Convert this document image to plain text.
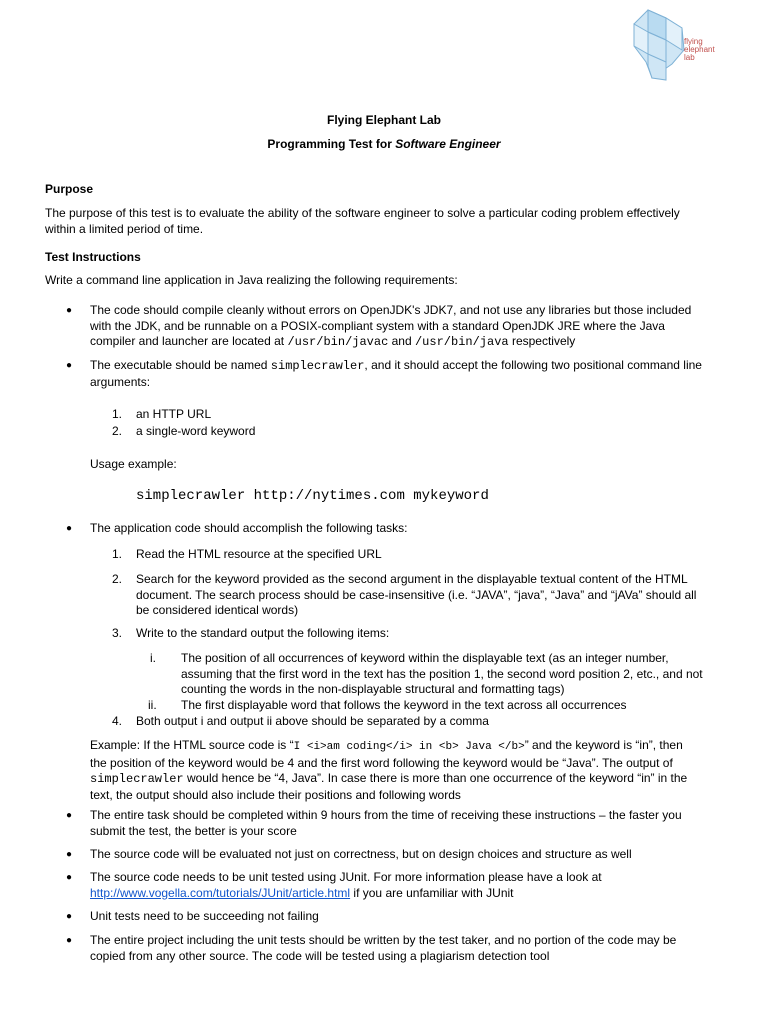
flying
elephant
lab
Flying Elephant Lab
Programming Test for Software Engineer
Purpose
The purpose of this test is to evaluate the ability of the software engineer to solve a particular coding problem effectively
within a limited period of time.
Test Instructions
Write a command line application in Java realizing the following requirements:
● The code should compile cleanly without errors on OpenJDK's JDK7, and not use any libraries but those included
with the JDK, and be runnable on a POSIX-compliant system with a standard OpenJDK JRE where the Java
compiler and launcher are located at /usr/bin/javac and /usr/bin/java respectively
● The executable should be named simplecrawler, and it should accept the following two positional command line
arguments:
1. an HTTP URL
2. a single-word keyword
Usage example:
simplecrawler http://nytimes.com mykeyword
● The application code should accomplish the following tasks:
1. Read the HTML resource at the specified URL
2. Search for the keyword provided as the second argument in the displayable textual content of the HTML
document. The search process should be case-insensitive (i.e. “JAVA”, “java”, “Java” and “jAVa” should all
be considered identical words)
3. Write to the standard output the following items:
i. The position of all occurrences of keyword within the displayable text (as an integer number,
assuming that the first word in the text has the position 1, the second word position 2, etc., and not
counting the words in the non-displayable structural and formatting tags)
ii. The first displayable word that follows the keyword in the text across all occurrences
4. Both output i and output ii above should be separated by a comma
Example: If the HTML source code is “I <i>am coding</i> in <b> Java </b>” and the keyword is “in”, then
the position of the keyword would be 4 and the first word following the keyword would be “Java”. The output of
simplecrawler would hence be “4, Java”. In case there is more than one occurrence of the keyword “in” in the
text, the output should also include their positions and following words
● The entire task should be completed within 9 hours from the time of receiving these instructions – the faster you
submit the test, the better is your score
● The source code will be evaluated not just on correctness, but on design choices and structure as well
● The source code needs to be unit tested using JUnit. For more information please have a look at
http://www.vogella.com/tutorials/JUnit/article.html if you are unfamiliar with JUnit
● Unit tests need to be succeeding not failing
● The entire project including the unit tests should be written by the test taker, and no portion of the code may be
copied from any other source. The code will be tested using a plagiarism detection tool
